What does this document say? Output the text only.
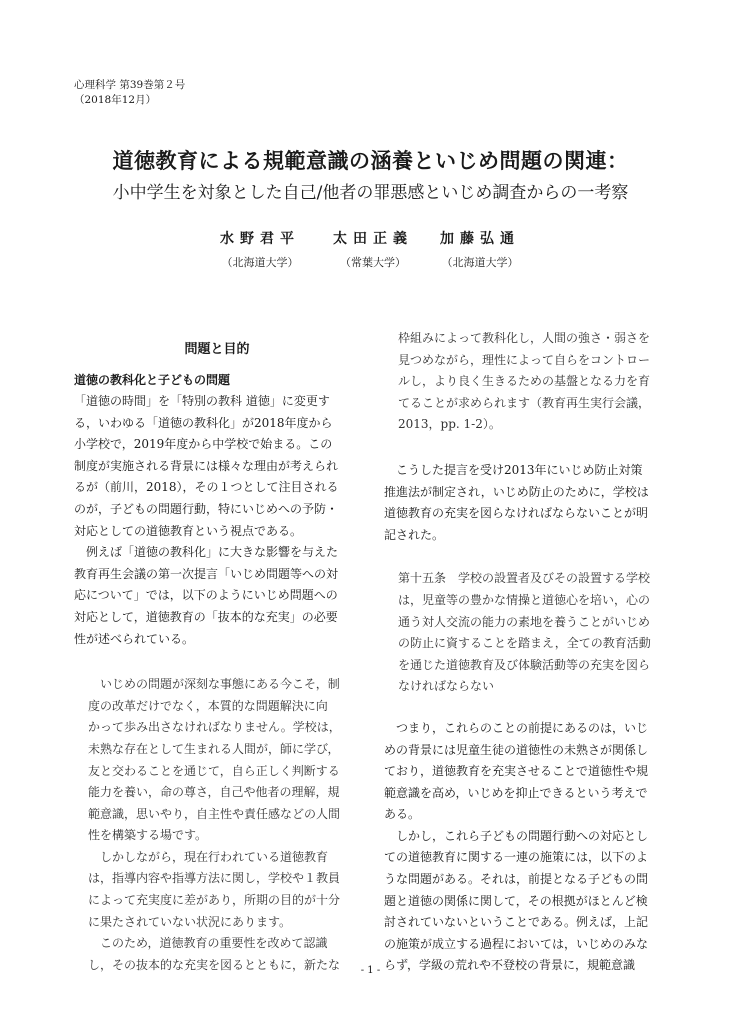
心理科学 第39巻第２号
（2018年12月）
道徳教育による規範意識の涵養といじめ問題の関連：
小中学生を対象とした自己/他者の罪悪感といじめ調査からの一考察
水野君平
（北海道大学）
太田正義
（常葉大学）
加藤弘通
（北海道大学）
問題と目的
道徳の教科化と子どもの問題
「道徳の時間」を「特別の教科 道徳」に変更す
る，いわゆる「道徳の教科化」が2018年度から
小学校で，2019年度から中学校で始まる。この
制度が実施される背景には様々な理由が考えられ
るが（前川，2018），その１つとして注目される
のが，子どもの問題行動，特にいじめへの予防・
対応としての道徳教育という視点である。
例えば「道徳の教科化」に大きな影響を与えた
教育再生会議の第一次提言「いじめ問題等への対
応について」では，以下のようにいじめ問題への
対応として，道徳教育の「抜本的な充実」の必要
性が述べられている。
いじめの問題が深刻な事態にある今こそ，制
度の改革だけでなく，本質的な問題解決に向
かって歩み出さなければなりません。学校は，
未熟な存在として生まれる人間が，師に学び，
友と交わることを通じて，自ら正しく判断する
能力を養い，命の尊さ，自己や他者の理解，規
範意識，思いやり，自主性や責任感などの人間
性を構築する場です。
しかしながら，現在行われている道徳教育
は，指導内容や指導方法に関し，学校や１教員
によって充実度に差があり，所期の目的が十分
に果たされていない状況にあります。
このため，道徳教育の重要性を改めて認識
し，その抜本的な充実を図るとともに，新たな
枠組みによって教科化し，人間の強さ・弱さを
見つめながら，理性によって自らをコントロー
ルし，より良く生きるための基盤となる力を育
てることが求められます（教育再生実行会議，
2013，pp. 1-2）。
こうした提言を受け2013年にいじめ防止対策
推進法が制定され，いじめ防止のために，学校は
道徳教育の充実を図らなければならないことが明
記された。
第十五条　学校の設置者及びその設置する学校
は，児童等の豊かな情操と道徳心を培い，心の
通う対人交流の能力の素地を養うことがいじめ
の防止に資することを踏まえ，全ての教育活動
を通じた道徳教育及び体験活動等の充実を図ら
なければならない
つまり，これらのことの前提にあるのは，いじ
めの背景には児童生徒の道徳性の未熟さが関係し
ており，道徳教育を充実させることで道徳性や規
範意識を高め，いじめを抑止できるという考えで
ある。
しかし，これら子どもの問題行動への対応とし
ての道徳教育に関する一連の施策には，以下のよ
うな問題がある。それは，前提となる子どもの問
題と道徳の関係に関して，その根拠がほとんど検
討されていないということである。例えば，上記
の施策が成立する過程においては，いじめのみな
らず，学級の荒れや不登校の背景に，規範意識
- 1 -
